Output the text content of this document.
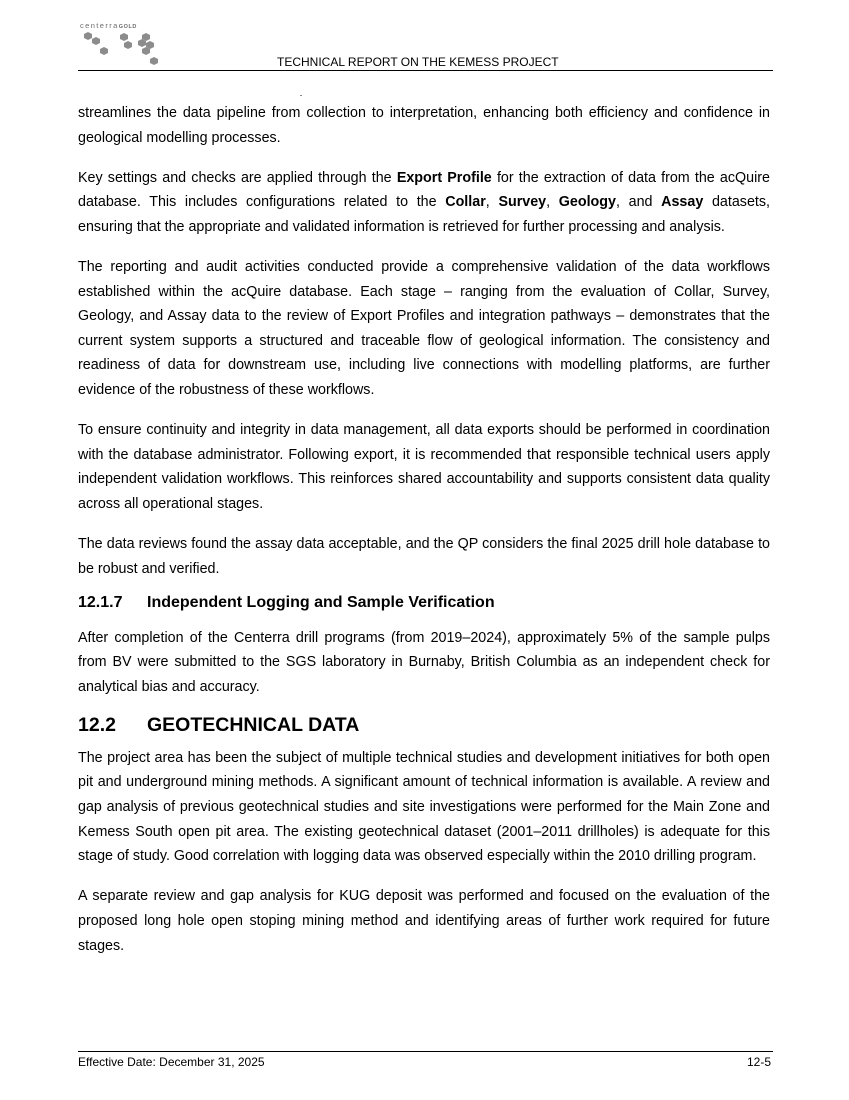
centerraGOLD
TECHNICAL REPORT ON THE KEMESS PROJECT

streamlines the data pipeline from collection to interpretation, enhancing both efficiency and confidence in geological modelling processes.

Key settings and checks are applied through the Export Profile for the extraction of data from the acQuire database. This includes configurations related to the Collar, Survey, Geology, and Assay datasets, ensuring that the appropriate and validated information is retrieved for further processing and analysis.

The reporting and audit activities conducted provide a comprehensive validation of the data workflows established within the acQuire database. Each stage – ranging from the evaluation of Collar, Survey, Geology, and Assay data to the review of Export Profiles and integration pathways – demonstrates that the current system supports a structured and traceable flow of geological information. The consistency and readiness of data for downstream use, including live connections with modelling platforms, are further evidence of the robustness of these workflows.

To ensure continuity and integrity in data management, all data exports should be performed in coordination with the database administrator. Following export, it is recommended that responsible technical users apply independent validation workflows. This reinforces shared accountability and supports consistent data quality across all operational stages.

The data reviews found the assay data acceptable, and the QP considers the final 2025 drill hole database to be robust and verified.

12.1.7 Independent Logging and Sample Verification

After completion of the Centerra drill programs (from 2019–2024), approximately 5% of the sample pulps from BV were submitted to the SGS laboratory in Burnaby, British Columbia as an independent check for analytical bias and accuracy.

12.2 GEOTECHNICAL DATA

The project area has been the subject of multiple technical studies and development initiatives for both open pit and underground mining methods. A significant amount of technical information is available. A review and gap analysis of previous geotechnical studies and site investigations were performed for the Main Zone and Kemess South open pit area. The existing geotechnical dataset (2001–2011 drillholes) is adequate for this stage of study. Good correlation with logging data was observed especially within the 2010 drilling program.

A separate review and gap analysis for KUG deposit was performed and focused on the evaluation of the proposed long hole open stoping mining method and identifying areas of further work required for future stages.

Effective Date: December 31, 2025	12-5
